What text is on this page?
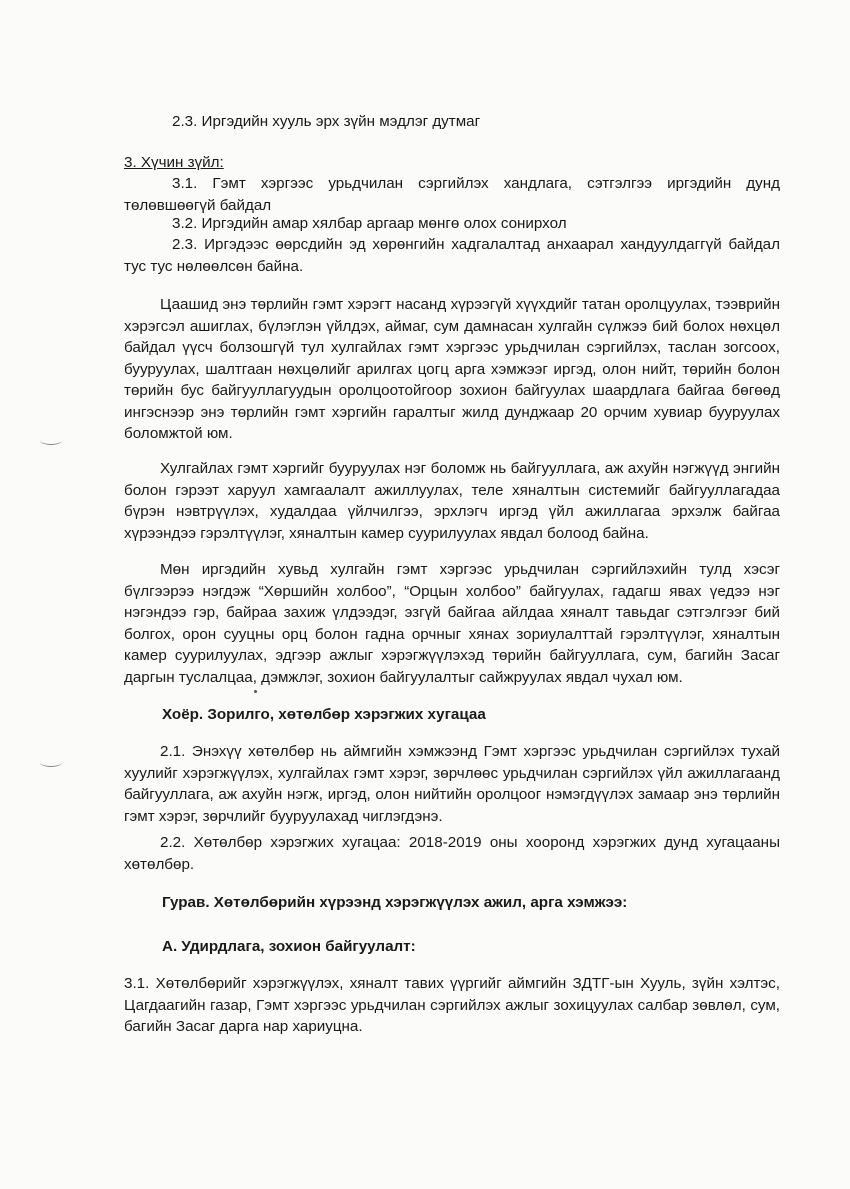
2.3. Иргэдийн хууль эрх зүйн мэдлэг дутмаг
3. Хүчин зүйл:
3.1. Гэмт хэргээс урьдчилан сэргийлэх хандлага, сэтгэлгээ иргэдийн дунд төлөвшөөгүй байдал
3.2. Иргэдийн амар хялбар аргаар мөнгө олох сонирхол
2.3. Иргэдээс өөрсдийн эд хөрөнгийн хадгалалтад анхаарал хандуулдаггүй байдал тус тус нөлөөлсөн байна.
Цаашид энэ төрлийн гэмт хэрэгт насанд хүрээгүй хүүхдийг татан оролцуулах, тээврийн хэрэгсэл ашиглах, бүлэглэн үйлдэх, аймаг, сум дамнасан хулгайн сүлжээ бий болох нөхцөл байдал үүсч болзошгүй тул хулгайлах гэмт хэргээс урьдчилан сэргийлэх, таслан зогсоох, бууруулах, шалтгаан нөхцөлийг арилгах цогц арга хэмжээг иргэд, олон нийт, төрийн болон төрийн бус байгууллагуудын оролцоотойгоор зохион байгуулах шаардлага байгаа бөгөөд ингэснээр энэ төрлийн гэмт хэргийн гаралтыг жилд дунджаар 20 орчим хувиар бууруулах боломжтой юм.
Хулгайлах гэмт хэргийг бууруулах нэг боломж нь байгууллага, аж ахуйн нэгжүүд энгийн болон гэрээт харуул хамгаалалт ажиллуулах, теле хяналтын системийг байгууллагадаа бүрэн нэвтрүүлэх, худалдаа үйлчилгээ, эрхлэгч иргэд үйл ажиллагаа эрхэлж байгаа хүрээндээ гэрэлтүүлэг, хяналтын камер суурилуулах явдал болоод байна.
Мөн иргэдийн хувьд хулгайн гэмт хэргээс урьдчилан сэргийлэхийн тулд хэсэг бүлгээрээ нэгдэж “Хөршийн холбоо”, “Орцын холбоо” байгуулах, гадагш явах үедээ нэг нэгэндээ гэр, байраа захиж үлдээдэг, эзгүй байгаа айлдаа хяналт тавьдаг сэтгэлгээг бий болгох, орон сууцны орц болон гадна орчныг хянах зориулалттай гэрэлтүүлэг, хяналтын камер суурилуулах, эдгээр ажлыг хэрэгжүүлэхэд төрийн байгууллага, сум, багийн Засаг даргын туслалцаа, дэмжлэг, зохион байгуулалтыг сайжруулах явдал чухал юм.
Хоёр. Зорилго, хөтөлбөр хэрэгжих хугацаа
2.1. Энэхүү хөтөлбөр нь аймгийн хэмжээнд Гэмт хэргээс урьдчилан сэргийлэх тухай хуулийг хэрэгжүүлэх, хулгайлах гэмт хэрэг, зөрчлөөс урьдчилан сэргийлэх үйл ажиллагаанд байгууллага, аж ахуйн нэгж, иргэд, олон нийтийн оролцоог нэмэгдүүлэх замаар энэ төрлийн гэмт хэрэг, зөрчлийг бууруулахад чиглэгдэнэ.
2.2. Хөтөлбөр хэрэгжих хугацаа: 2018-2019 оны хооронд хэрэгжих дунд хугацааны хөтөлбөр.
Гурав. Хөтөлбөрийн хүрээнд хэрэгжүүлэх ажил, арга хэмжээ:
А. Удирдлага, зохион байгуулалт:
3.1. Хөтөлбөрийг хэрэгжүүлэх, хяналт тавих үүргийг аймгийн ЗДТГ-ын Хууль, зүйн хэлтэс, Цагдаагийн газар, Гэмт хэргээс урьдчилан сэргийлэх ажлыг зохицуулах салбар зөвлөл, сум, багийн Засаг дарга нар хариуцна.
